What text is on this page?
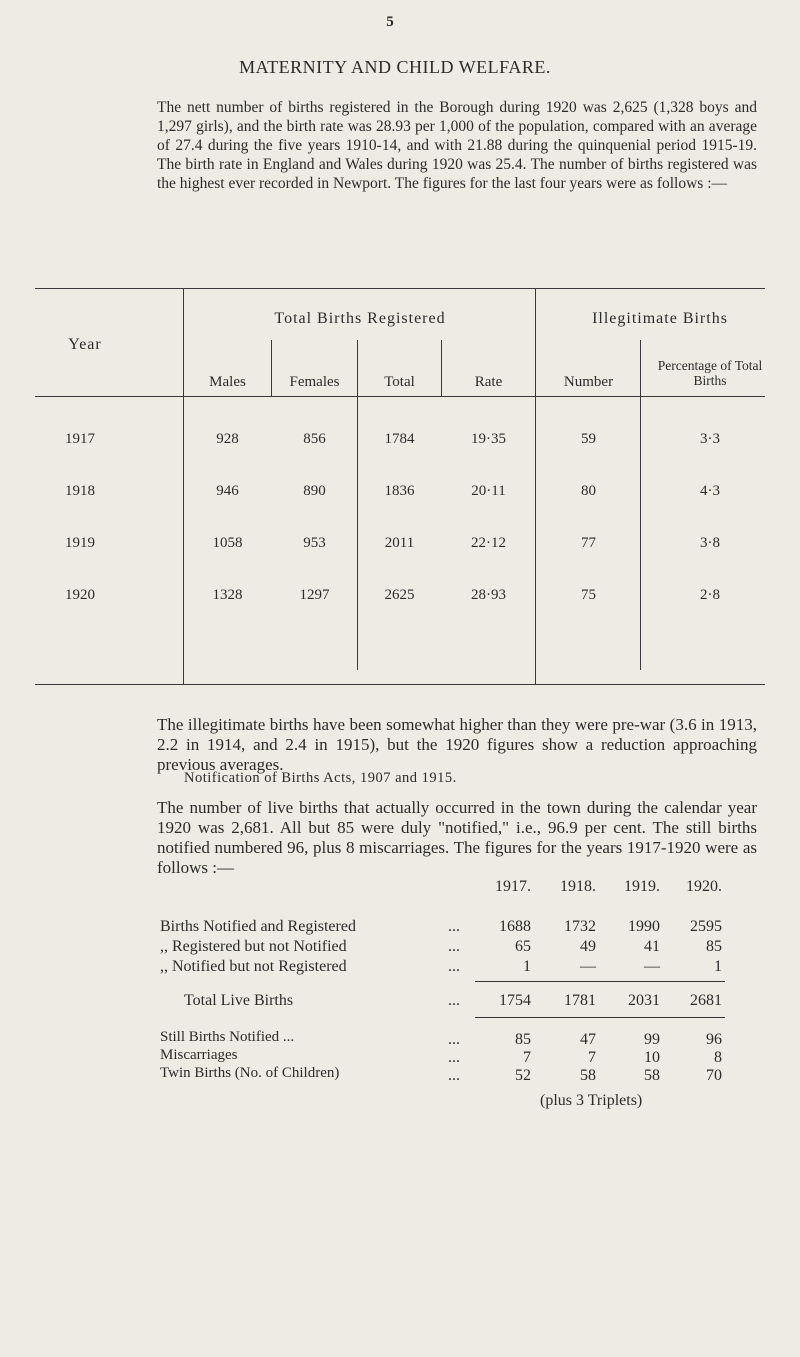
5
MATERNITY AND CHILD WELFARE.
The nett number of births registered in the Borough during 1920 was 2,625 (1,328 boys and 1,297 girls), and the birth rate was 28.93 per 1,000 of the population, compared with an average of 27.4 during the five years 1910-14, and with 21.88 during the quinquenial period 1915-19. The birth rate in England and Wales during 1920 was 25.4. The number of births registered was the highest ever recorded in Newport. The figures for the last four years were as follows :—
Year
Total Births Registered	Illegitimate Births
Males	Females	Total	Rate	Number
Percentage of Total Births
1917	928	856	1784	19·35	59	3·3
1918	946	890	1836	20·11	80	4·3
1919	1058	953	2011	22·12	77	3·8
1920	1328	1297	2625	28·93	75	2·8
The illegitimate births have been somewhat higher than they were pre-war (3.6 in 1913, 2.2 in 1914, and 2.4 in 1915), but the 1920 figures show a reduction approaching previous averages.
Notification of Births Acts, 1907 and 1915.
The number of live births that actually occurred in the town during the calendar year 1920 was 2,681. All but 85 were duly "notified," i.e., 96.9 per cent. The still births notified numbered 96, plus 8 miscarriages. The figures for the years 1917-1920 were as follows :—
1917.	1918.	1919.	1920.
Births Notified and Registered	...	1688	1732	1990	2595
,, Registered but not Notified	...	65	49	41	85
,, Notified but not Registered	...	1	—	—	1
Total Live Births	...	1754	1781	2031	2681
Still Births Notified ...	...	85	47	99	96
Miscarriages	...	7	7	10	8
Twin Births (No. of Children)	...	52	58	58	70
(plus 3 Triplets)
